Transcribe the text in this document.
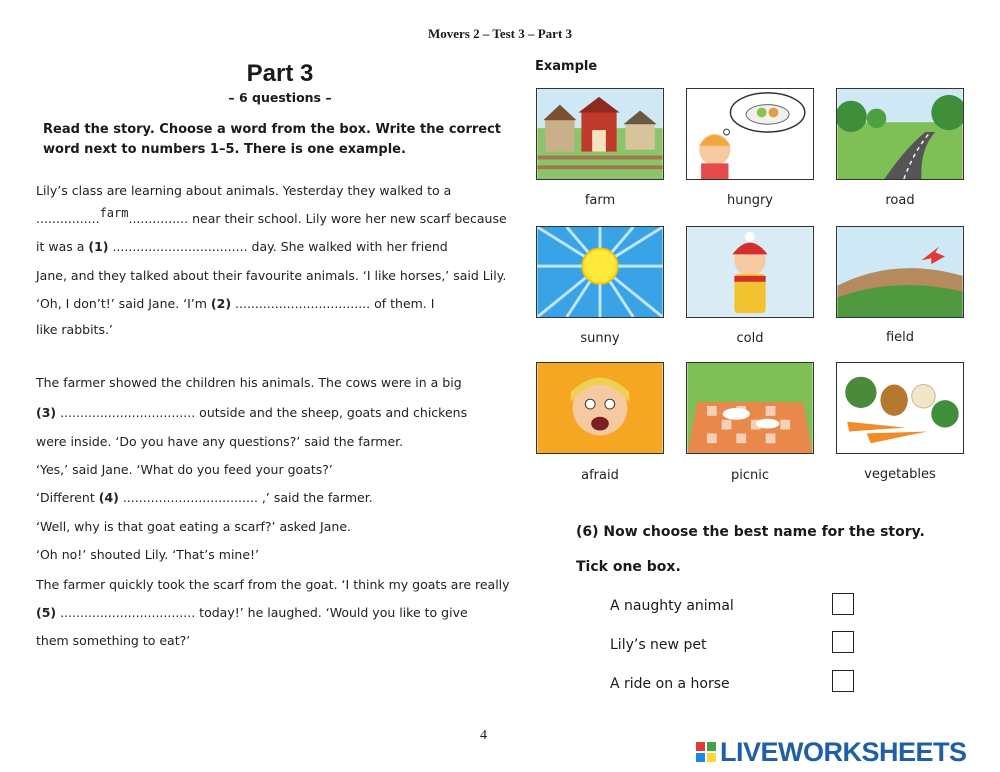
Movers 2 – Test 3 – Part 3
Part 3
– 6 questions –
Read the story. Choose a word from the box. Write the correct
word next to numbers 1–5. There is one example.
Lily’s class are learning about animals. Yesterday they walked to a
................farm............... near their school. Lily wore her new scarf because
it was a (1) .................................. day. She walked with her friend
Jane, and they talked about their favourite animals. ‘I like horses,’ said Lily.
‘Oh, I don’t!’ said Jane. ‘I’m (2) .................................. of them. I
like rabbits.’
The farmer showed the children his animals. The cows were in a big
(3) .................................. outside and the sheep, goats and chickens
were inside. ‘Do you have any questions?’ said the farmer.
‘Yes,’ said Jane. ‘What do you feed your goats?’
‘Different (4) .................................. ,’ said the farmer.
‘Well, why is that goat eating a scarf?’ asked Jane.
‘Oh no!’ shouted Lily. ‘That’s mine!’
The farmer quickly took the scarf from the goat. ‘I think my goats are really
(5) .................................. today!’ he laughed. ‘Would you like to give
them something to eat?’
Example
farm	hungry	road
sunny	cold	field
afraid	picnic	vegetables
(6) Now choose the best name for the story.
Tick one box.
A naughty animal
Lily’s new pet
A ride on a horse
4
LIVEWORKSHEETS
